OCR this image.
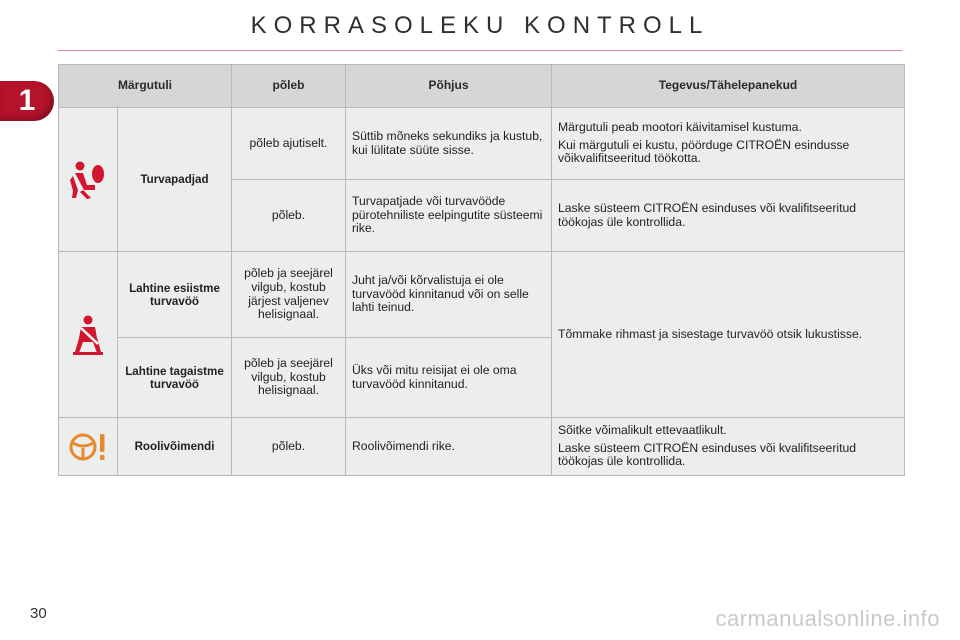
KORRASOLEKU KONTROLL
1	Märgutuli		põleb	Põhjus	Tegevus/Tähelepanekud

	Turvapadjad	põleb ajutiselt.	Süttib mõneks sekundiks ja kustub, kui lülitate süüte sisse.	Märgutuli peab mootori käivitamisel kustuma.

Kui märgutuli ei kustu, pöörduge CITROËN esindusse võikvalifitseeritud töökotta.

		põleb.	Turvapatjade või turvavööde pürotehniliste eelpingutite süsteemi rike.	Laske süsteem CITROËN esinduses või kvalifitseeritud töökojas üle kontrollida.

	Lahtine esiistme turvavöö	põleb ja seejärel vilgub, kostub järjest valjenev helisignaal.	Juht ja/või kõrvalistuja ei ole turvavööd kinnitanud või on selle lahti teinud.	Tõmmake rihmast ja sisestage turvavöö otsik lukustisse.

	Lahtine tagaistme turvavöö	põleb ja seejärel vilgub, kostub helisignaal.	Üks või mitu reisijat ei ole oma turvavööd kinnitanud.	

	Roolivõimendi	põleb.	Roolivõimendi rike.	Sõitke võimalikult ettevaatlikult.

Laske süsteem CITROËN esinduses või kvalifitseeritud töökojas üle kontrollida.

30	carmanualsonline.info
